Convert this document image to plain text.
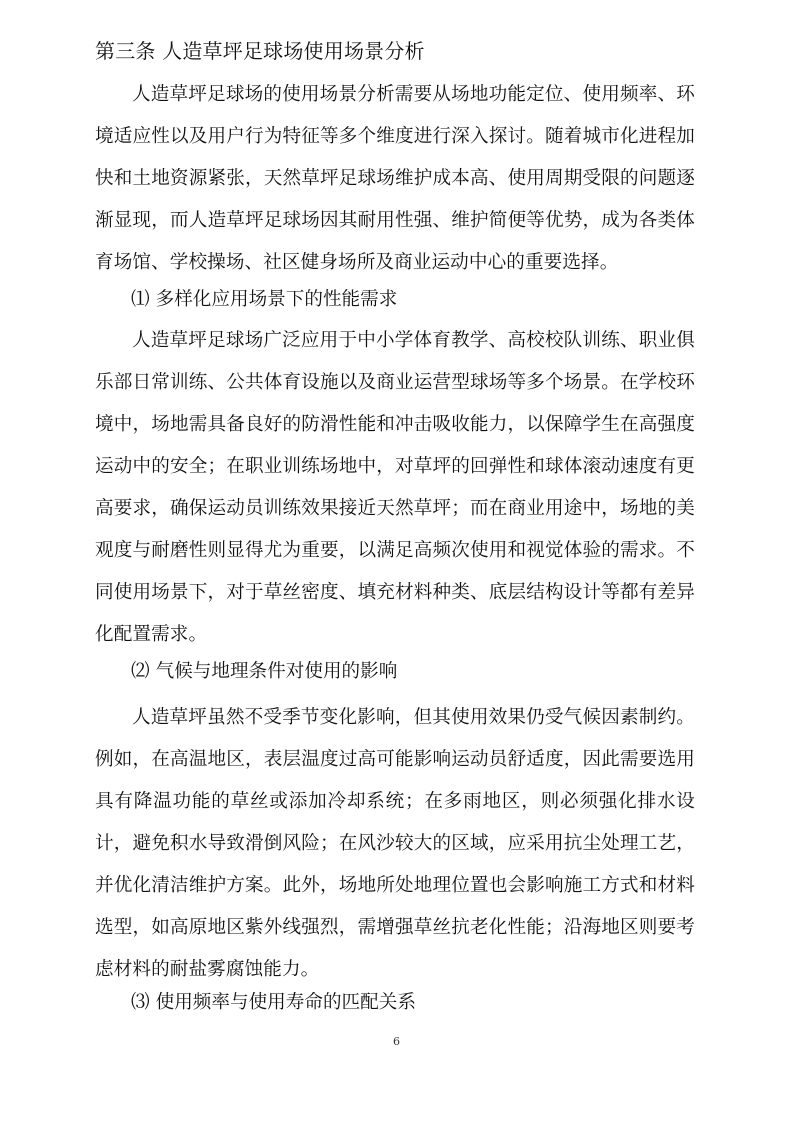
第三条 人造草坪足球场使用场景分析

人造草坪足球场的使用场景分析需要从场地功能定位、使用频率、环境适应性以及用户行为特征等多个维度进行深入探讨。随着城市化进程加快和土地资源紧张，天然草坪足球场维护成本高、使用周期受限的问题逐渐显现，而人造草坪足球场因其耐用性强、维护简便等优势，成为各类体育场馆、学校操场、社区健身场所及商业运动中心的重要选择。

⑴ 多样化应用场景下的性能需求

人造草坪足球场广泛应用于中小学体育教学、高校校队训练、职业俱乐部日常训练、公共体育设施以及商业运营型球场等多个场景。在学校环境中，场地需具备良好的防滑性能和冲击吸收能力，以保障学生在高强度运动中的安全；在职业训练场地中，对草坪的回弹性和球体滚动速度有更高要求，确保运动员训练效果接近天然草坪；而在商业用途中，场地的美观度与耐磨性则显得尤为重要，以满足高频次使用和视觉体验的需求。不同使用场景下，对于草丝密度、填充材料种类、底层结构设计等都有差异化配置需求。

⑵ 气候与地理条件对使用的影响

人造草坪虽然不受季节变化影响，但其使用效果仍受气候因素制约。例如，在高温地区，表层温度过高可能影响运动员舒适度，因此需要选用具有降温功能的草丝或添加冷却系统；在多雨地区，则必须强化排水设计，避免积水导致滑倒风险；在风沙较大的区域，应采用抗尘处理工艺，并优化清洁维护方案。此外，场地所处地理位置也会影响施工方式和材料选型，如高原地区紫外线强烈，需增强草丝抗老化性能；沿海地区则要考虑材料的耐盐雾腐蚀能力。

⑶ 使用频率与使用寿命的匹配关系
6
